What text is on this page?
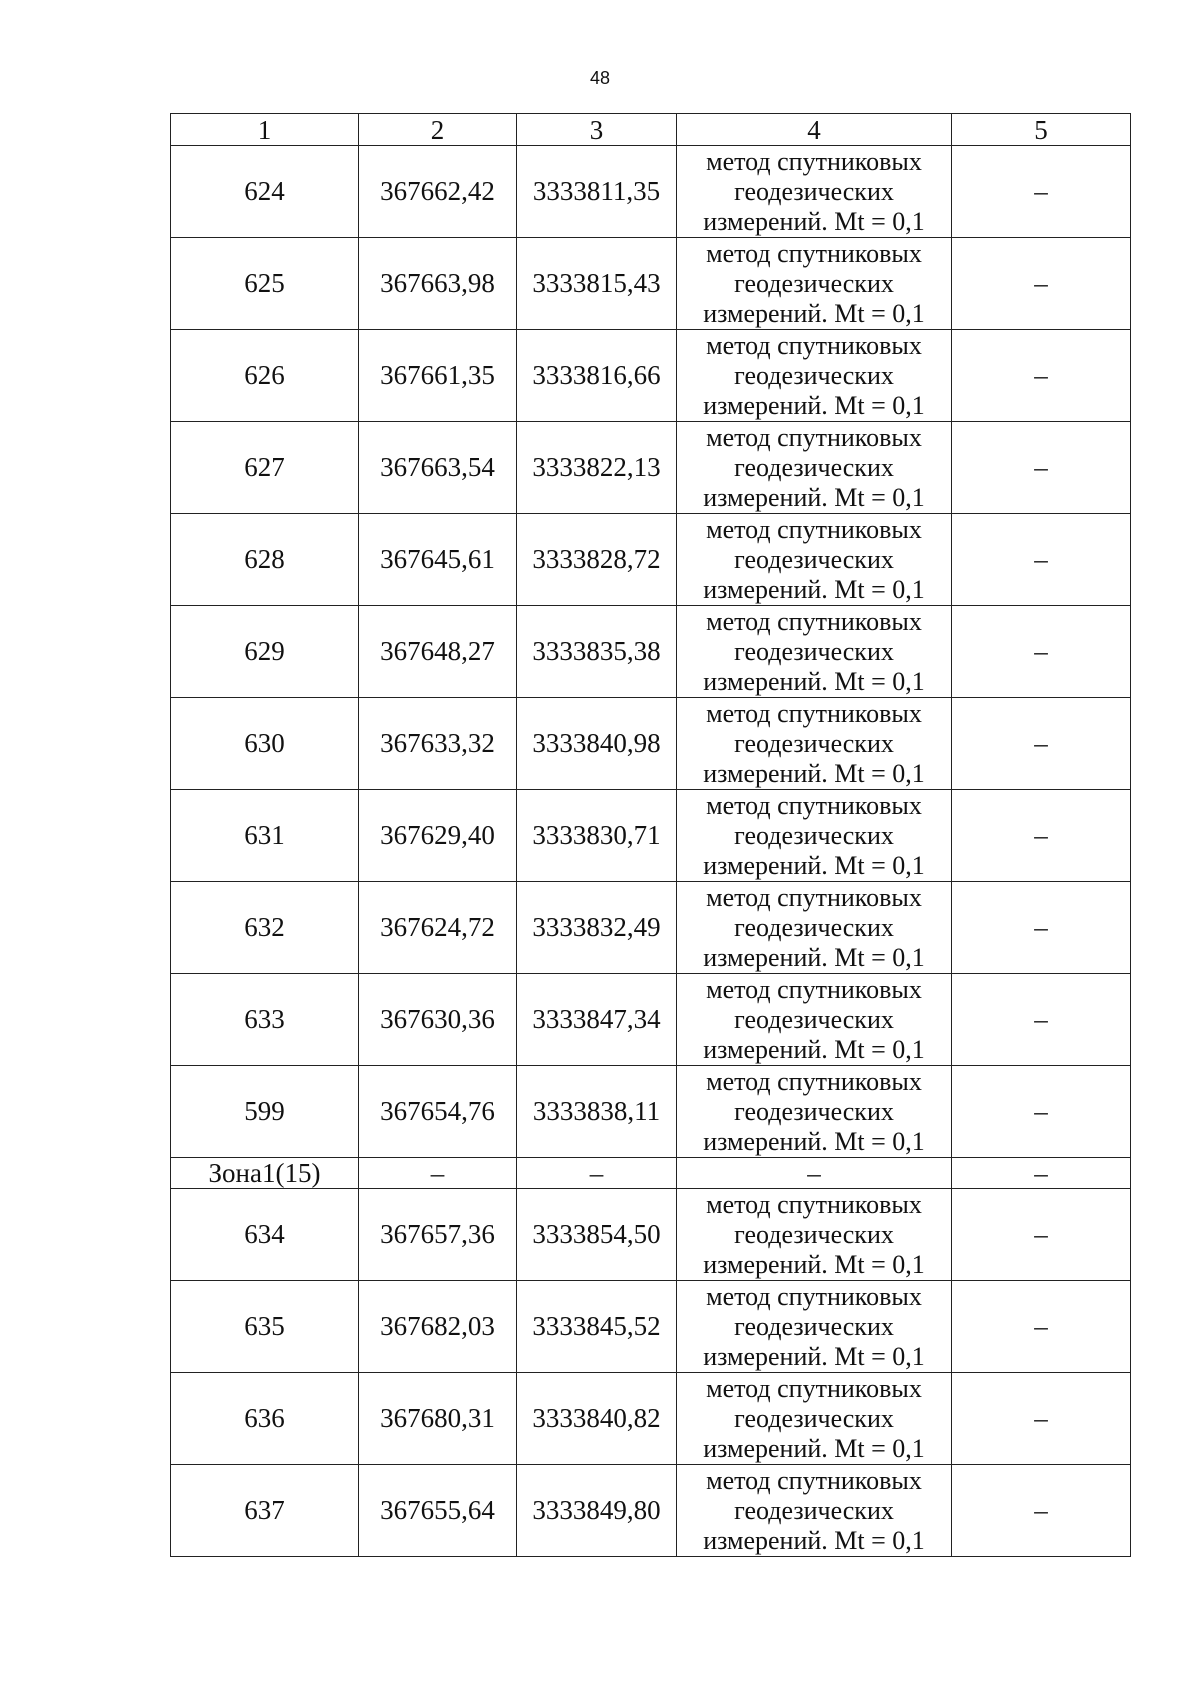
48
1	2	3	4	5
624	367662,42	3333811,35	метод спутниковых геодезических измерений. Mt = 0,1	–
625	367663,98	3333815,43	метод спутниковых геодезических измерений. Mt = 0,1	–
626	367661,35	3333816,66	метод спутниковых геодезических измерений. Mt = 0,1	–
627	367663,54	3333822,13	метод спутниковых геодезических измерений. Mt = 0,1	–
628	367645,61	3333828,72	метод спутниковых геодезических измерений. Mt = 0,1	–
629	367648,27	3333835,38	метод спутниковых геодезических измерений. Mt = 0,1	–
630	367633,32	3333840,98	метод спутниковых геодезических измерений. Mt = 0,1	–
631	367629,40	3333830,71	метод спутниковых геодезических измерений. Mt = 0,1	–
632	367624,72	3333832,49	метод спутниковых геодезических измерений. Mt = 0,1	–
633	367630,36	3333847,34	метод спутниковых геодезических измерений. Mt = 0,1	–
599	367654,76	3333838,11	метод спутниковых геодезических измерений. Mt = 0,1	–
Зона1(15)	–	–	–	–
634	367657,36	3333854,50	метод спутниковых геодезических измерений. Mt = 0,1	–
635	367682,03	3333845,52	метод спутниковых геодезических измерений. Mt = 0,1	–
636	367680,31	3333840,82	метод спутниковых геодезических измерений. Mt = 0,1	–
637	367655,64	3333849,80	метод спутниковых геодезических измерений. Mt = 0,1	–
